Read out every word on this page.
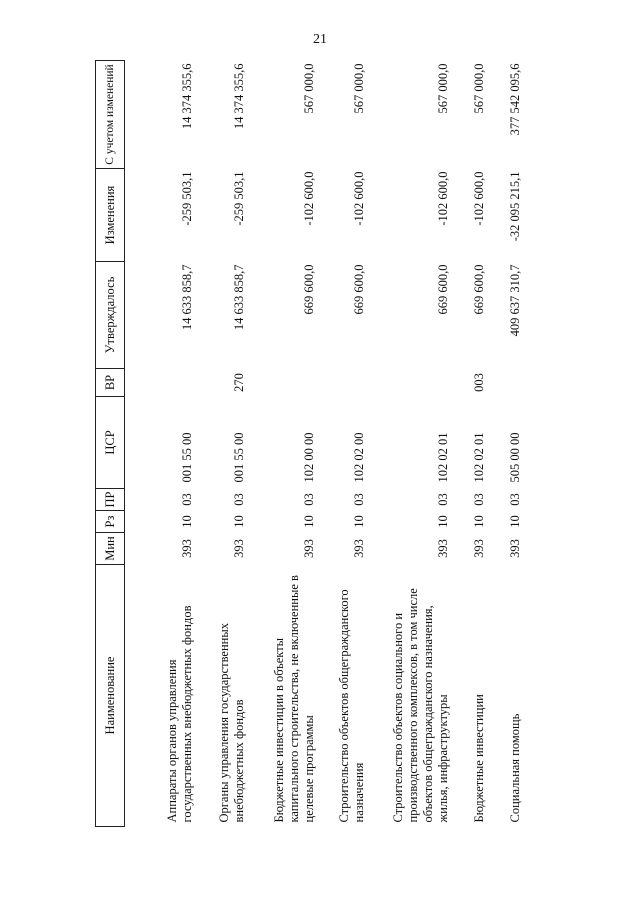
21
Наименование	Мин	Рз	ПР	ЦСР	ВР	Утверждалось	Изменения	С учетом изменений

Аппараты органов управления государственных внебюджетных фондов	393	10	03	001 55 00		14 633 858,7	-259 503,1	14 374 355,6
Органы управления государственных внебюджетных фондов	393	10	03	001 55 00	270	14 633 858,7	-259 503,1	14 374 355,6
Бюджетные инвестиции в объекты капитального строительства, не включенные в целевые программы	393	10	03	102 00 00		669 600,0	-102 600,0	567 000,0
Строительство объектов общегражданского назначения	393	10	03	102 02 00		669 600,0	-102 600,0	567 000,0
Строительство объектов социального и производственного комплексов, в том числе объектов общегражданского назначения, жилья, инфраструктуры	393	10	03	102 02 01		669 600,0	-102 600,0	567 000,0
Бюджетные инвестиции	393	10	03	102 02 01	003	669 600,0	-102 600,0	567 000,0
Социальная помощь	393	10	03	505 00 00		409 637 310,7	-32 095 215,1	377 542 095,6
